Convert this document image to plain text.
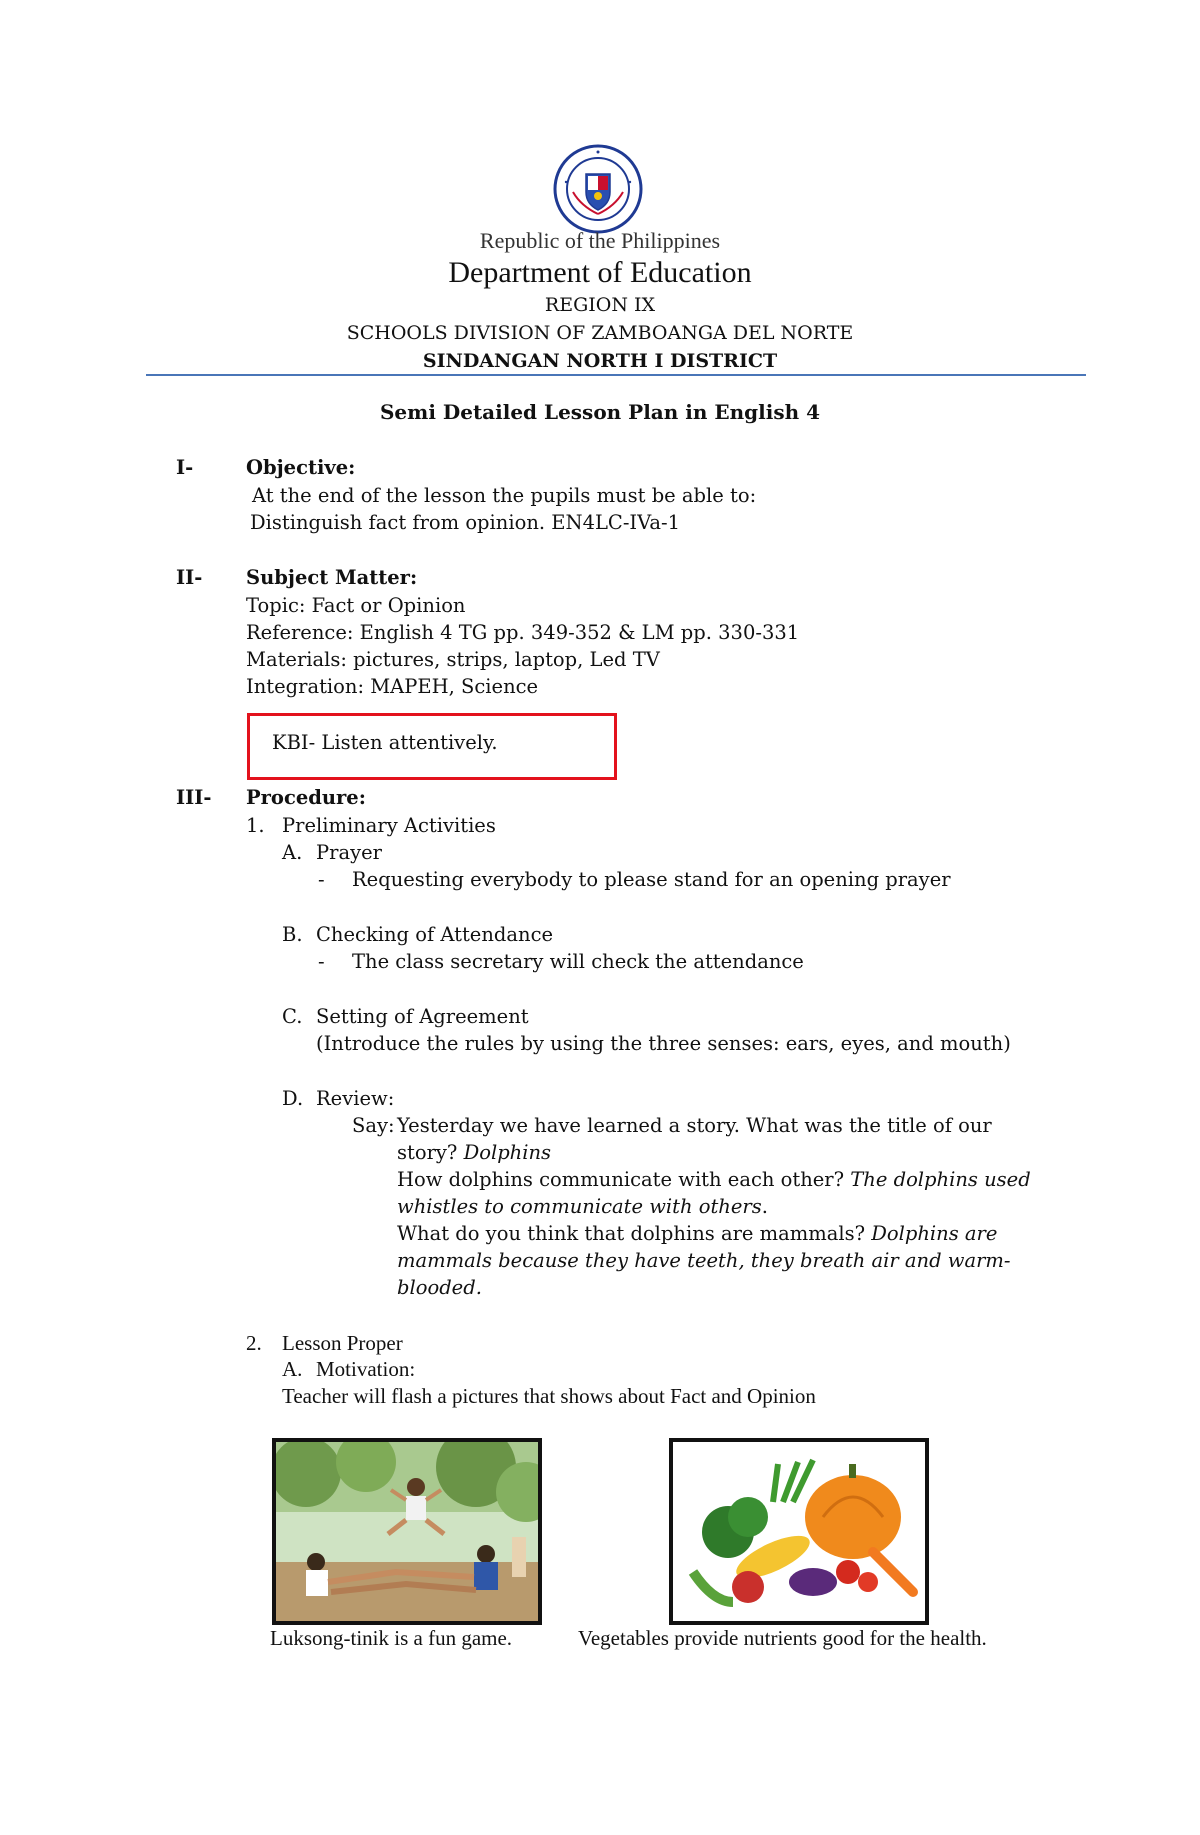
Republic of the Philippines
Department of Education
REGION IX
SCHOOLS DIVISION OF ZAMBOANGA DEL NORTE
SINDANGAN NORTH I DISTRICT
Semi Detailed Lesson Plan in English 4
I-	Objective:
At the end of the lesson the pupils must be able to:
Distinguish fact from opinion. EN4LC-IVa-1
II- Subject Matter:
Topic: Fact or Opinion
Reference: English 4 TG pp. 349-352 & LM pp. 330-331
Materials: pictures, strips, laptop, Led TV
Integration: MAPEH, Science
KBI- Listen attentively.
III- Procedure:
1. Preliminary Activities
A. Prayer
- Requesting everybody to please stand for an opening prayer
B. Checking of Attendance
- The class secretary will check the attendance
C. Setting of Agreement
(Introduce the rules by using the three senses: ears, eyes, and mouth)
D. Review:
Say: Yesterday we have learned a story. What was the title of our
story? Dolphins
How dolphins communicate with each other? The dolphins used
whistles to communicate with others.
What do you think that dolphins are mammals? Dolphins are
mammals because they have teeth, they breath air and warm-
blooded.
2. Lesson Proper
A. Motivation:
Teacher will flash a pictures that shows about Fact and Opinion
Luksong-tinik is a fun game.	Vegetables provide nutrients good for the health.
